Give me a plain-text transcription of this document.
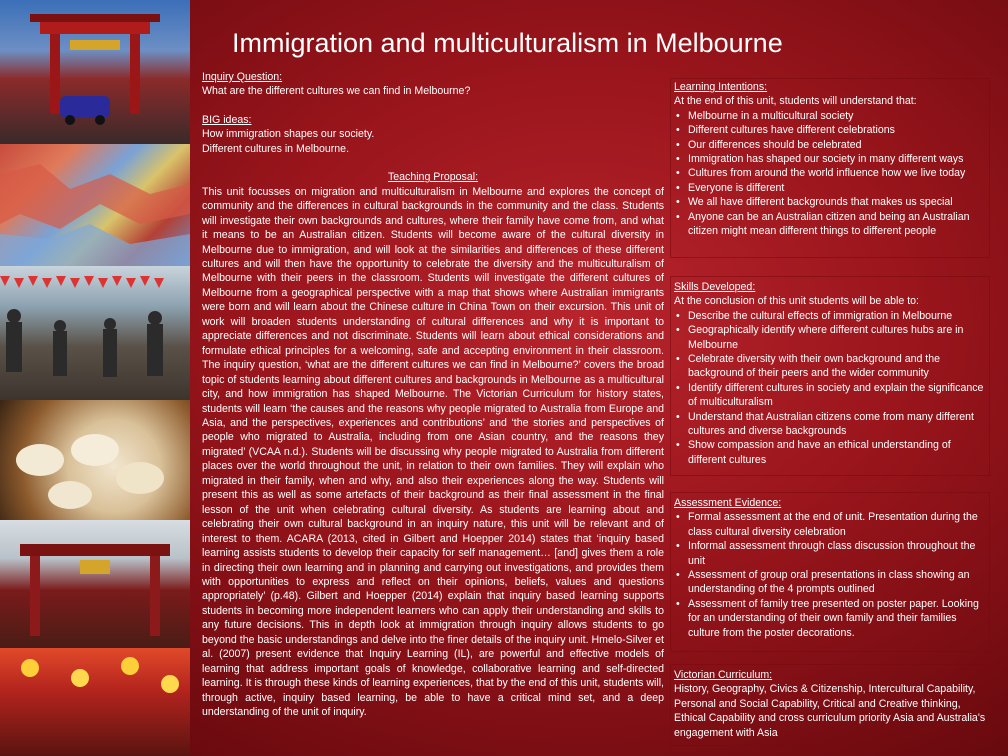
Immigration and multiculturalism in Melbourne

Inquiry Question:

What are the different cultures we can find in Melbourne?

BIG ideas:

How immigration shapes our society.

Different cultures in Melbourne.

Teaching Proposal:

This unit focusses on migration and multiculturalism in Melbourne and explores the concept of community and the differences in cultural backgrounds in the community and the class. Students will investigate their own backgrounds and cultures, where their family have come from, and what it means to be an Australian citizen. Students will become aware of the cultural diversity in Melbourne due to immigration, and will look at the similarities and differences of these different cultures and will then have the opportunity to celebrate the diversity and the multiculturalism of Melbourne with their peers in the classroom. Students will investigate the different cultures of Melbourne from a geographical perspective with a map that shows where Australian immigrants were born and will learn about the Chinese culture in China Town on their excursion. This unit of work will broaden students understanding of cultural differences and why it is important to appreciate differences and not discriminate. Students will learn about ethical considerations and formulate ethical principles for a welcoming, safe and accepting environment in their classroom. The inquiry question, ‘what are the different cultures we can find in Melbourne?’ covers the broad topic of students learning about different cultures and backgrounds in Melbourne as a multicultural city, and how immigration has shaped Melbourne. The Victorian Curriculum for history states, students will learn ‘the causes and the reasons why people migrated to Australia from Europe and Asia, and the perspectives, experiences and contributions’ and ‘the stories and perspectives of people who migrated to Australia, including from one Asian country, and the reasons they migrated’ (VCAA n.d.). Students will be discussing why people migrated to Australia from different places over the world throughout the unit, in relation to their own families. They will explain who migrated in their family, when and why, and also their experiences along the way. Students will present this as well as some artefacts of their background as their final assessment in the final lesson of the unit when celebrating cultural diversity. As students are learning about and celebrating their own cultural background in an inquiry nature, this unit will be relevant and of interest to them. ACARA (2013, cited in Gilbert and Hoepper 2014) states that ‘inquiry based learning assists students to develop their capacity for self management… [and] gives them a role in directing their own learning and in planning and carrying out investigations, and provides them with opportunities to express and reflect on their opinions, beliefs, values and questions appropriately’ (p.48). Gilbert and Hoepper (2014) explain that inquiry based learning supports students in becoming more independent learners who can apply their understanding and skills to any future decisions. This in depth look at immigration through inquiry allows students to go beyond the basic understandings and delve into the finer details of the inquiry unit. Hmelo-Silver et al. (2007) present evidence that Inquiry Learning (IL), are powerful and effective models of learning that address important goals of knowledge, collaborative learning and self-directed learning. It is through these kinds of learning experiences, that by the end of this unit, students will, through active, inquiry based learning, be able to have a critical mind set, and a deep understanding of the unit of inquiry.

Learning Intentions:

At the end of this unit, students will understand that:

• Melbourne in a multicultural society
• Different cultures have different celebrations
• Our differences should be celebrated
• Immigration has shaped our society in many different ways
• Cultures from around the world influence how we live today
• Everyone is different
• We all have different backgrounds that makes us special
• Anyone can be an Australian citizen and being an Australian citizen might mean different things to different people

Skills Developed:

At the conclusion of this unit students will be able to:

• Describe the cultural effects of immigration in Melbourne
• Geographically identify where different cultures hubs are in Melbourne
• Celebrate diversity with their own background and the background of their peers and the wider community
• Identify different cultures in society and explain the significance of multiculturalism
• Understand that Australian citizens come from many different cultures and diverse backgrounds
• Show compassion and have an ethical understanding of different cultures

Assessment Evidence:

• Formal assessment at the end of unit. Presentation during the class cultural diversity celebration
• Informal assessment through class discussion throughout the unit
• Assessment of group oral presentations in class showing an understanding of the 4 prompts outlined
• Assessment of family tree presented on poster paper. Looking for an understanding of their own family and their families culture from the poster decorations.

Victorian Curriculum:

History, Geography, Civics & Citizenship, Intercultural Capability, Personal and Social Capability, Critical and Creative thinking, Ethical Capability and cross curriculum priority Asia and Australia's engagement with Asia
